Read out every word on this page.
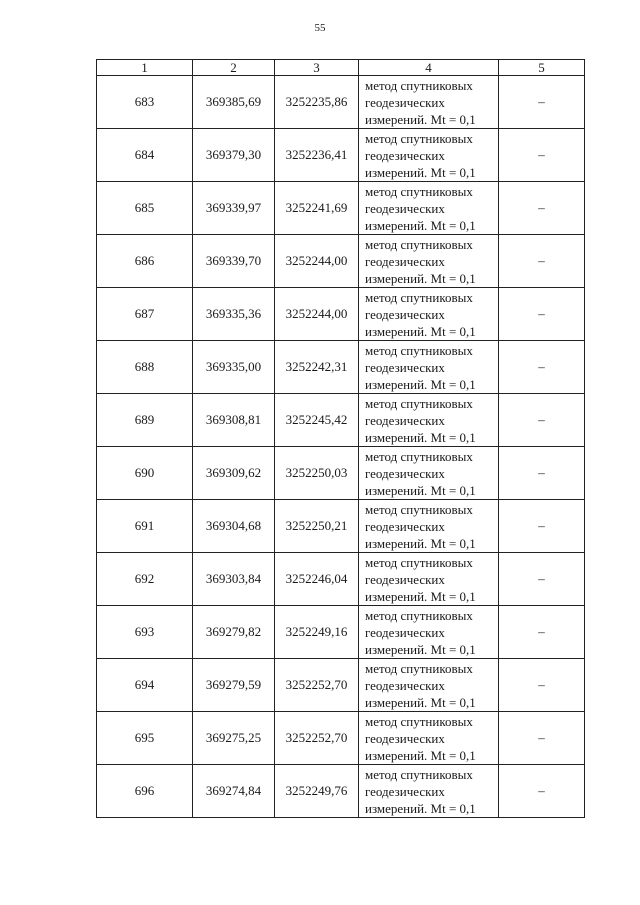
55
1	2	3	4	5
683	369385,69	3252235,86	метод спутниковых
геодезических
измерений. Mt = 0,1	–
684	369379,30	3252236,41	метод спутниковых
геодезических
измерений. Mt = 0,1	–
685	369339,97	3252241,69	метод спутниковых
геодезических
измерений. Mt = 0,1	–
686	369339,70	3252244,00	метод спутниковых
геодезических
измерений. Mt = 0,1	–
687	369335,36	3252244,00	метод спутниковых
геодезических
измерений. Mt = 0,1	–
688	369335,00	3252242,31	метод спутниковых
геодезических
измерений. Mt = 0,1	–
689	369308,81	3252245,42	метод спутниковых
геодезических
измерений. Mt = 0,1	–
690	369309,62	3252250,03	метод спутниковых
геодезических
измерений. Mt = 0,1	–
691	369304,68	3252250,21	метод спутниковых
геодезических
измерений. Mt = 0,1	–
692	369303,84	3252246,04	метод спутниковых
геодезических
измерений. Mt = 0,1	–
693	369279,82	3252249,16	метод спутниковых
геодезических
измерений. Mt = 0,1	–
694	369279,59	3252252,70	метод спутниковых
геодезических
измерений. Mt = 0,1	–
695	369275,25	3252252,70	метод спутниковых
геодезических
измерений. Mt = 0,1	–
696	369274,84	3252249,76	метод спутниковых
геодезических
измерений. Mt = 0,1	–
